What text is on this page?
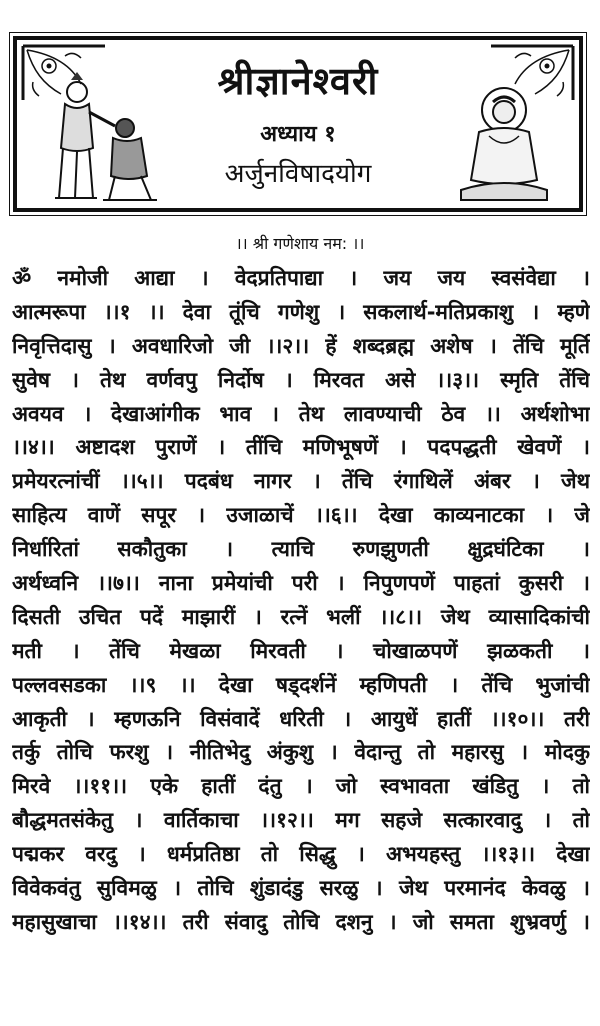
श्रीज्ञानेश्वरी
अध्याय १
अर्जुनविषादयोग
।। श्री गणेशाय नम: ।।
ॐ नमोजी आद्या । वेदप्रतिपाद्या । जय जय स्वसंवेद्या ।
आत्मरूपा ।।१ ।। देवा तूंचि गणेशु । सकलार्थ-मतिप्रकाशु । म्हणे
निवृत्तिदासु । अवधारिजो जी ।।२।। हें शब्दब्रह्म अशेष । तेंचि मूर्ति
सुवेष । तेथ वर्णवपु निर्दोष । मिरवत असे ।।३।। स्मृति तेंचि
अवयव । देखाआंगीक भाव । तेथ लावण्याची ठेव ।। अर्थशोभा
।।४।। अष्टादश पुराणें । तींचि मणिभूषणें । पदपद्धती खेवणें ।
प्रमेयरत्नांचीं ।।५।। पदबंध नागर । तेंचि रंगाथिलें अंबर । जेथ
साहित्य वाणें सपूर । उजाळाचें ।।६।। देखा काव्यनाटका । जे
निर्धारितां सकौतुका । त्याचि रुणझुणती क्षुद्रघंटिका ।
अर्थध्वनि ।।७।। नाना प्रमेयांची परी । निपुणपणें पाहतां कुसरी ।
दिसती उचित पदें माझारीं । रत्नें भलीं ।।८।। जेथ व्यासादिकांची
मती । तेंचि मेखळा मिरवती । चोखाळपणें झळकती ।
पल्लवसडका ।।९ ।। देखा षड्दर्शनें म्हणिपती । तेंचि भुजांची
आकृती । म्हणऊनि विसंवादें धरिती । आयुधें हातीं ।।१०।। तरी
तर्कु तोचि फरशु । नीतिभेदु अंकुशु । वेदान्तु तो महारसु । मोदकु
मिरवे ।।११।। एके हातीं दंतु । जो स्वभावता खंडितु । तो
बौद्धमतसंकेतु । वार्तिकाचा ।।१२।। मग सहजे सत्कारवादु । तो
पद्मकर वरदु । धर्मप्रतिष्ठा तो सिद्धु । अभयहस्तु ।।१३।। देखा
विवेकवंतु सुविमळु । तोचि शुंडादंडु सरळु । जेथ परमानंद केवळु ।
महासुखाचा ।।१४।। तरी संवादु तोचि दशनु । जो समता शुभ्रवर्णु ।
